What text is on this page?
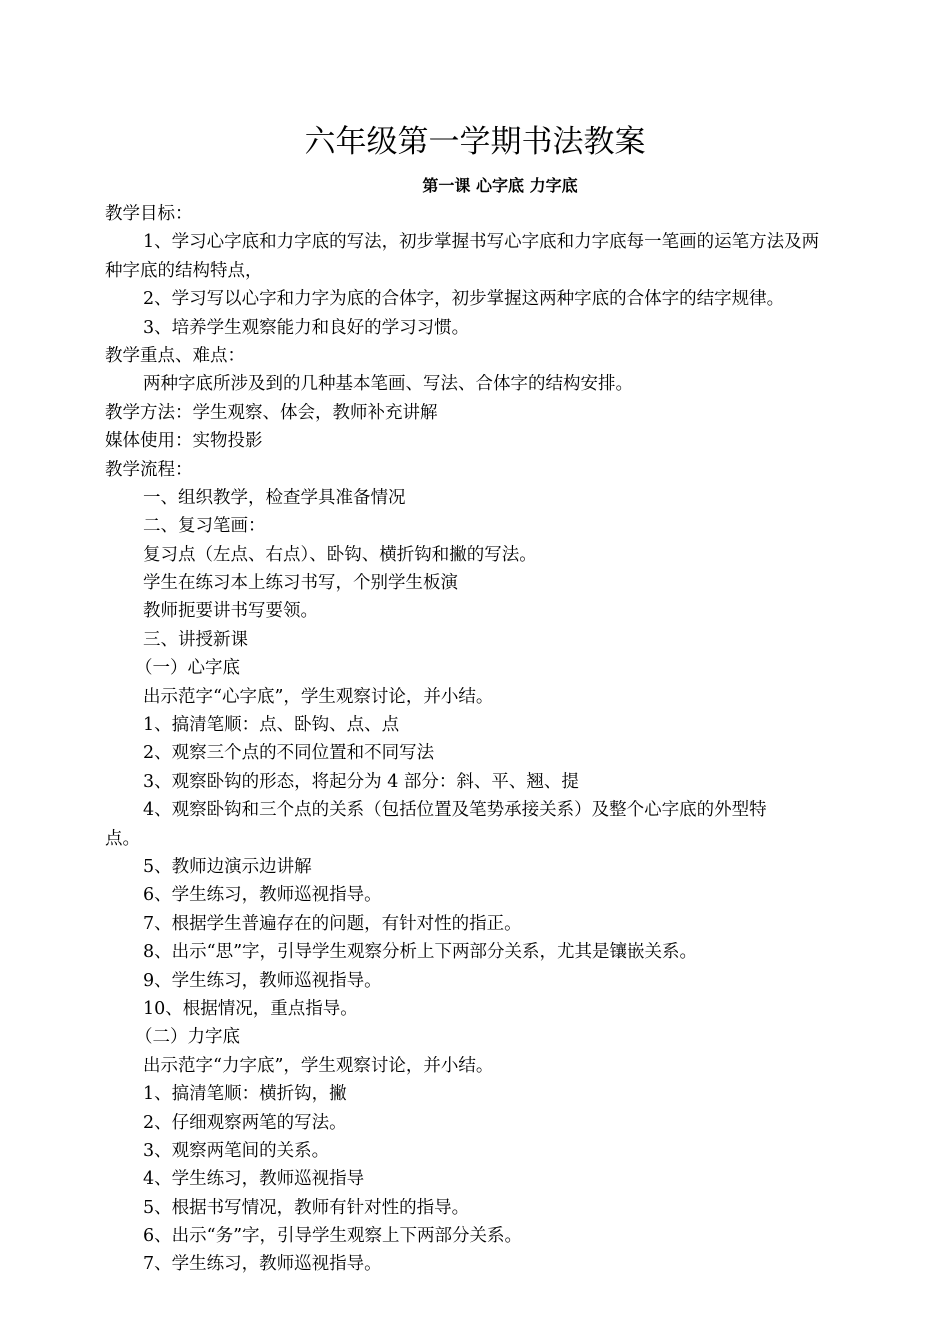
六年级第一学期书法教案
第一课 心字底 力字底
教学目标：
1、学习心字底和力字底的写法，初步掌握书写心字底和力字底每一笔画的运笔方法及两
种字底的结构特点，
2、学习写以心字和力字为底的合体字，初步掌握这两种字底的合体字的结字规律。
3、培养学生观察能力和良好的学习习惯。
教学重点、难点：
两种字底所涉及到的几种基本笔画、写法、合体字的结构安排。
教学方法：学生观察、体会，教师补充讲解
媒体使用：实物投影
教学流程：
一、组织教学，检查学具准备情况
二、复习笔画：
复习点（左点、右点）、卧钩、横折钩和撇的写法。
学生在练习本上练习书写，个别学生板演
教师扼要讲书写要领。
三、讲授新课
（一）心字底
出示范字“心字底”，学生观察讨论，并小结。
1、搞清笔顺：点、卧钩、点、点
2、观察三个点的不同位置和不同写法
3、观察卧钩的形态，将起分为 4 部分：斜、平、翘、提
4、观察卧钩和三个点的关系（包括位置及笔势承接关系）及整个心字底的外型特
点。
5、教师边演示边讲解
6、学生练习，教师巡视指导。
7、根据学生普遍存在的问题，有针对性的指正。
8、出示“思”字，引导学生观察分析上下两部分关系，尤其是镶嵌关系。
9、学生练习，教师巡视指导。
10、根据情况，重点指导。
（二）力字底
出示范字“力字底”，学生观察讨论，并小结。
1、搞清笔顺：横折钩，撇
2、仔细观察两笔的写法。
3、观察两笔间的关系。
4、学生练习，教师巡视指导
5、根据书写情况，教师有针对性的指导。
6、出示“务”字，引导学生观察上下两部分关系。
7、学生练习，教师巡视指导。
